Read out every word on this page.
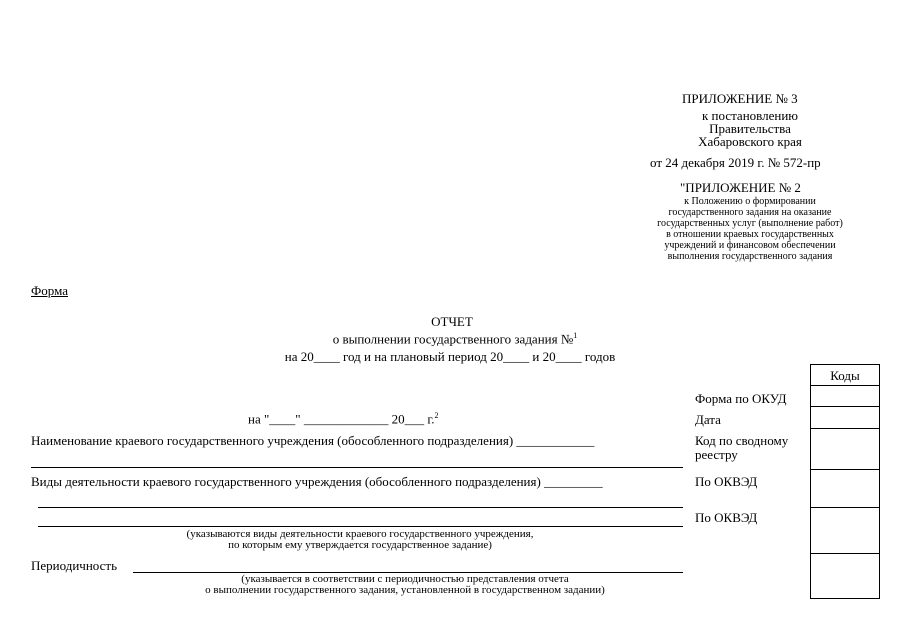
ПРИЛОЖЕНИЕ № 3
к постановлению
Правительства
Хабаровского края
от 24 декабря 2019 г. № 572-пр
"ПРИЛОЖЕНИЕ № 2
к Положению о формировании
государственного задания на оказание
государственных услуг (выполнение работ)
в отношении краевых государственных
учреждений и финансовом обеспечении
выполнения государственного задания
Форма
ОТЧЕТ
о выполнении государственного задания №$^1$
на 20____ год и на плановый период 20____ и 20____ годов
на "____" _____________ 20___ г.$^2$
Наименование краевого государственного учреждения (обособленного подразделения) ____________
Виды деятельности краевого государственного учреждения (обособленного подразделения) _________
(указываются виды деятельности краевого государственного учреждения,
по которым ему утверждается государственное задание)
Периодичность
(указывается в соответствии с периодичностью представления отчета
о выполнении государственного задания, установленной в государственном задании)
Форма по ОКУД
Дата
Код по сводному реестру
По ОКВЭД
По ОКВЭД
Коды
